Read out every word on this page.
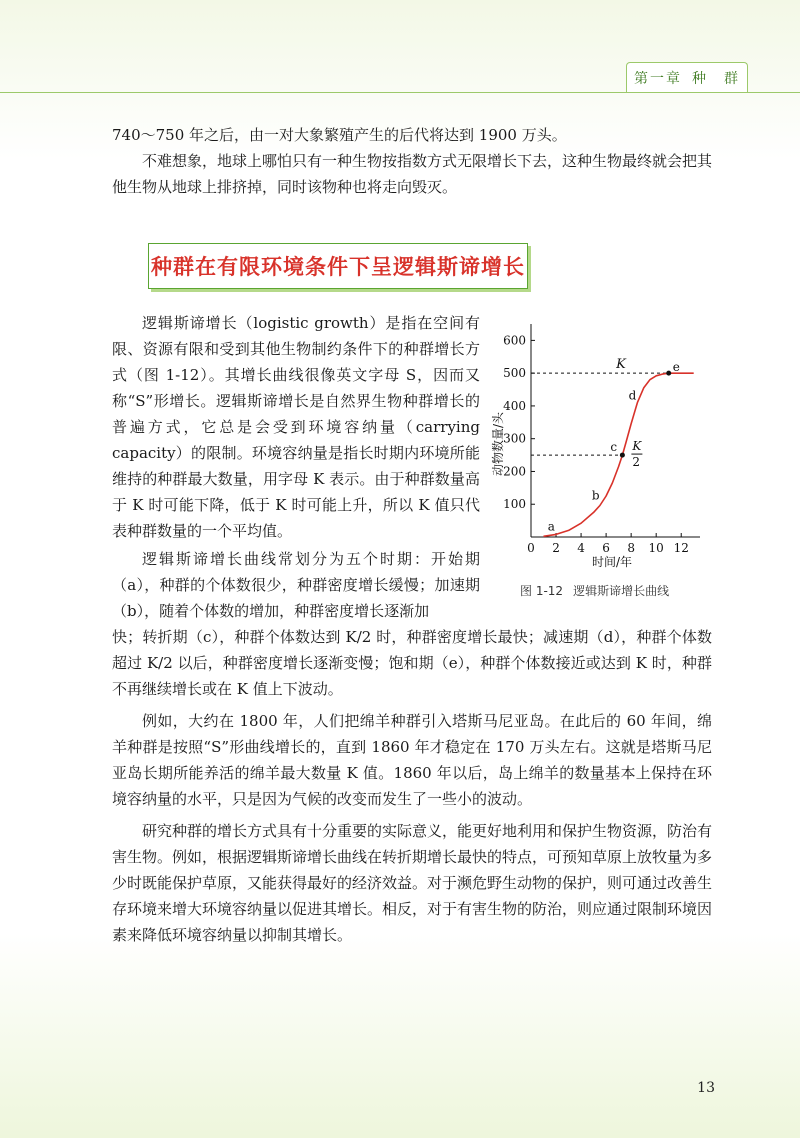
第一章 种　群

740～750 年之后，由一对大象繁殖产生的后代将达到 1900 万头。

不难想象，地球上哪怕只有一种生物按指数方式无限增长下去，这种生物最终就会把其他生物从地球上排挤掉，同时该物种也将走向毁灭。

种群在有限环境条件下呈逻辑斯谛增长

逻辑斯谛增长（logistic growth）是指在空间有限、资源有限和受到其他生物制约条件下的种群增长方式（图 1-12）。其增长曲线很像英文字母 S，因而又称“S”形增长。逻辑斯谛增长是自然界生物种群增长的普遍方式，它总是会受到环境容纳量（carrying capacity）的限制。环境容纳量是指长时期内环境所能维持的种群最大数量，用字母 K 表示。由于种群数量高于 K 时可能下降，低于 K 时可能上升，所以 K 值只代表种群数量的一个平均值。

逻辑斯谛增长曲线常划分为五个时期：开始期（a），种群的个体数很少，种群密度增长缓慢；加速期（b），随着个体数的增加，种群密度增长逐渐加

快；转折期（c），种群个体数达到 K/2 时，种群密度增长最快；减速期（d），种群个体数超过 K/2 以后，种群密度增长逐渐变慢；饱和期（e），种群个体数接近或达到 K 时，种群不再继续增长或在 K 值上下波动。

例如，大约在 1800 年，人们把绵羊种群引入塔斯马尼亚岛。在此后的 60 年间，绵羊种群是按照“S”形曲线增长的，直到 1860 年才稳定在 170 万头左右。这就是塔斯马尼亚岛长期所能养活的绵羊最大数量 K 值。1860 年以后，岛上绵羊的数量基本上保持在环境容纳量的水平，只是因为气候的改变而发生了一些小的波动。

研究种群的增长方式具有十分重要的实际意义，能更好地利用和保护生物资源，防治有害生物。例如，根据逻辑斯谛增长曲线在转折期增长最快的特点，可预知草原上放牧量为多少时既能保护草原，又能获得最好的经济效益。对于濒危野生动物的保护，则可通过改善生存环境来增大环境容纳量以促进其增长。相反，对于有害生物的防治，则应通过限制环境因素来降低环境容纳量以抑制其增长。

100
200
300
400
500
600
0 2 4 6 8 10 12
K
K
2
a
b
c
d
e
动物数量/头
时间/年
图 1-12 逻辑斯谛增长曲线
13
